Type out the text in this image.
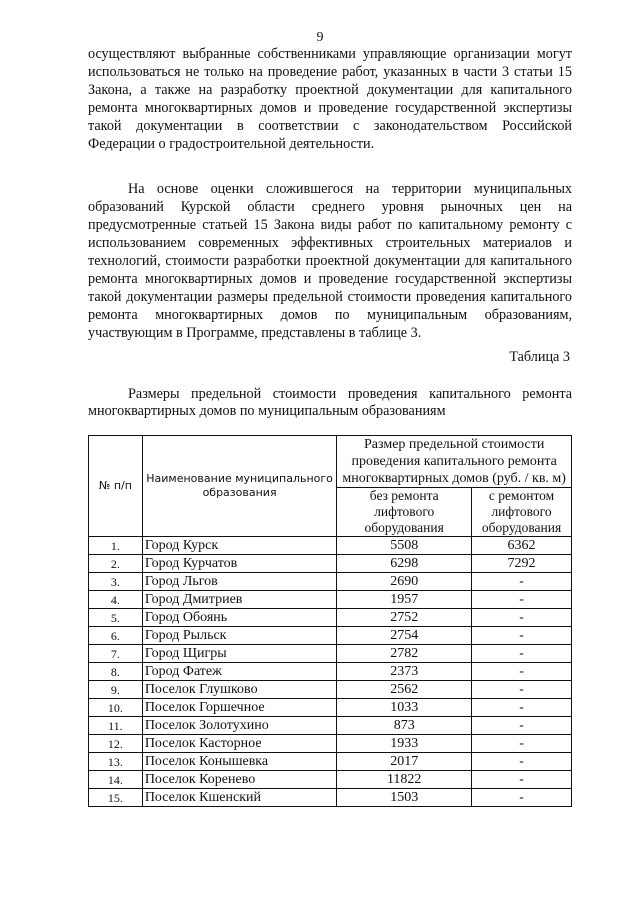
9

осуществляют выбранные собственниками управляющие организации могут использоваться не только на проведение работ, указанных в части 3 статьи 15 Закона, а также на разработку проектной документации для капитального ремонта многоквартирных домов и проведение государственной экспертизы такой документации в соответствии с законодательством Российской Федерации о градостроительной деятельности.

На основе оценки сложившегося на территории муниципальных образований Курской области среднего уровня рыночных цен на предусмотренные статьей 15 Закона виды работ по капитальному ремонту с использованием современных эффективных строительных материалов и технологий, стоимости разработки проектной документации для капитального ремонта многоквартирных домов и проведение государственной экспертизы такой документации размеры предельной стоимости проведения капитального ремонта многоквартирных домов по муниципальным образованиям, участвующим в Программе, представлены в таблице 3.

Таблица 3

Размеры предельной стоимости проведения капитального ремонта многоквартирных домов по муниципальным образованиям

№ п/п	Наименование муниципального образования	Размер предельной стоимости проведения капитального ремонта многоквартирных домов (руб. / кв. м)	
		без ремонта лифтового оборудования	с ремонтом лифтового оборудования
1.	Город Курск	5508	6362
2.	Город Курчатов	6298	7292
3.	Город Льгов	2690	-
4.	Город Дмитриев	1957	-
5.	Город Обоянь	2752	-
6.	Город Рыльск	2754	-
7.	Город Щигры	2782	-
8.	Город Фатеж	2373	-
9.	Поселок Глушково	2562	-
10.	Поселок Горшечное	1033	-
11.	Поселок Золотухино	873	-
12.	Поселок Касторное	1933	-
13.	Поселок Конышевка	2017	-
14.	Поселок Коренево	11822	-
15.	Поселок Кшенский	1503	-
